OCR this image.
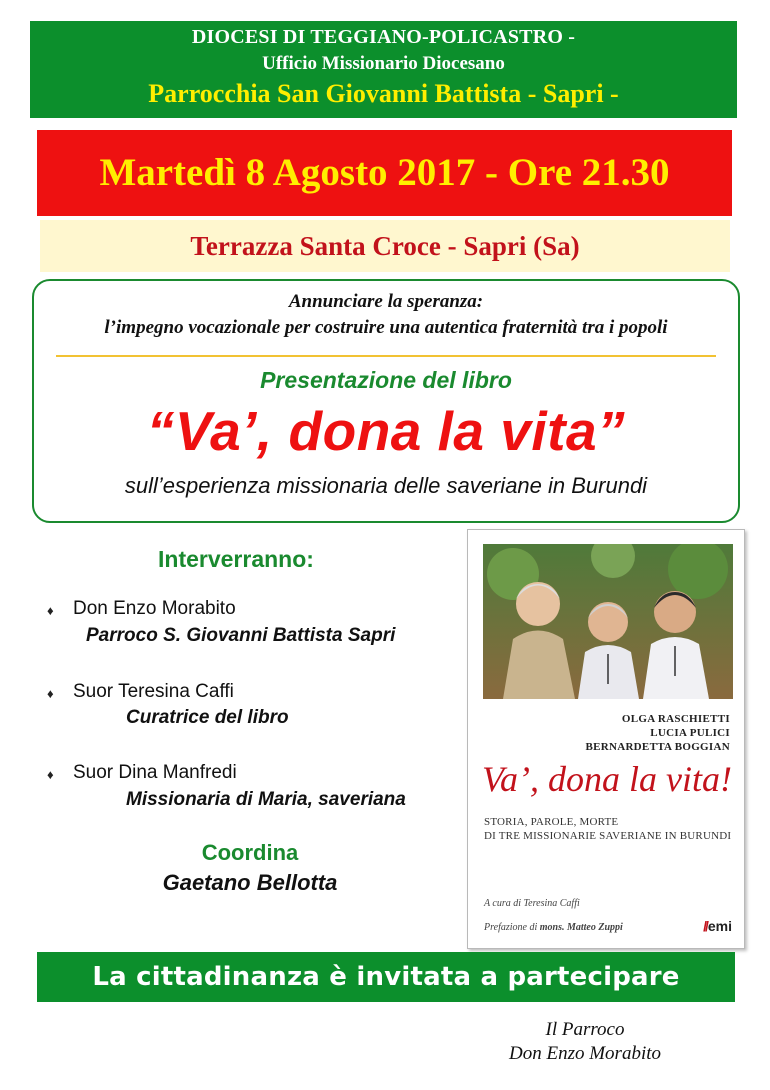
DIOCESI DI TEGGIANO-POLICASTRO -
Ufficio Missionario Diocesano
Parrocchia San Giovanni Battista - Sapri -
Martedì 8 Agosto 2017 - Ore 21.30
Terrazza Santa Croce - Sapri (Sa)
Annunciare la speranza:
l’impegno vocazionale per costruire una autentica fraternità tra i popoli
Presentazione del libro
“Va’, dona la vita”
sull’esperienza missionaria delle saveriane in Burundi
Interverranno:
♦ Don Enzo Morabito
Parroco S. Giovanni Battista Sapri
♦ Suor Teresina Caffi
Curatrice del libro
♦ Suor Dina Manfredi
Missionaria di Maria, saveriana
Coordina
Gaetano Bellotta
OLGA RASCHIETTI
LUCIA PULICI
BERNARDETTA BOGGIAN
Va’, dona la vita!
STORIA, PAROLE, MORTE
DI TRE MISSIONARIE SAVERIANE IN BURUNDI
A cura di Teresina Caffi
Prefazione di mons. Matteo Zuppi	//emi
La cittadinanza è invitata a partecipare
Il Parroco
Don Enzo Morabito
